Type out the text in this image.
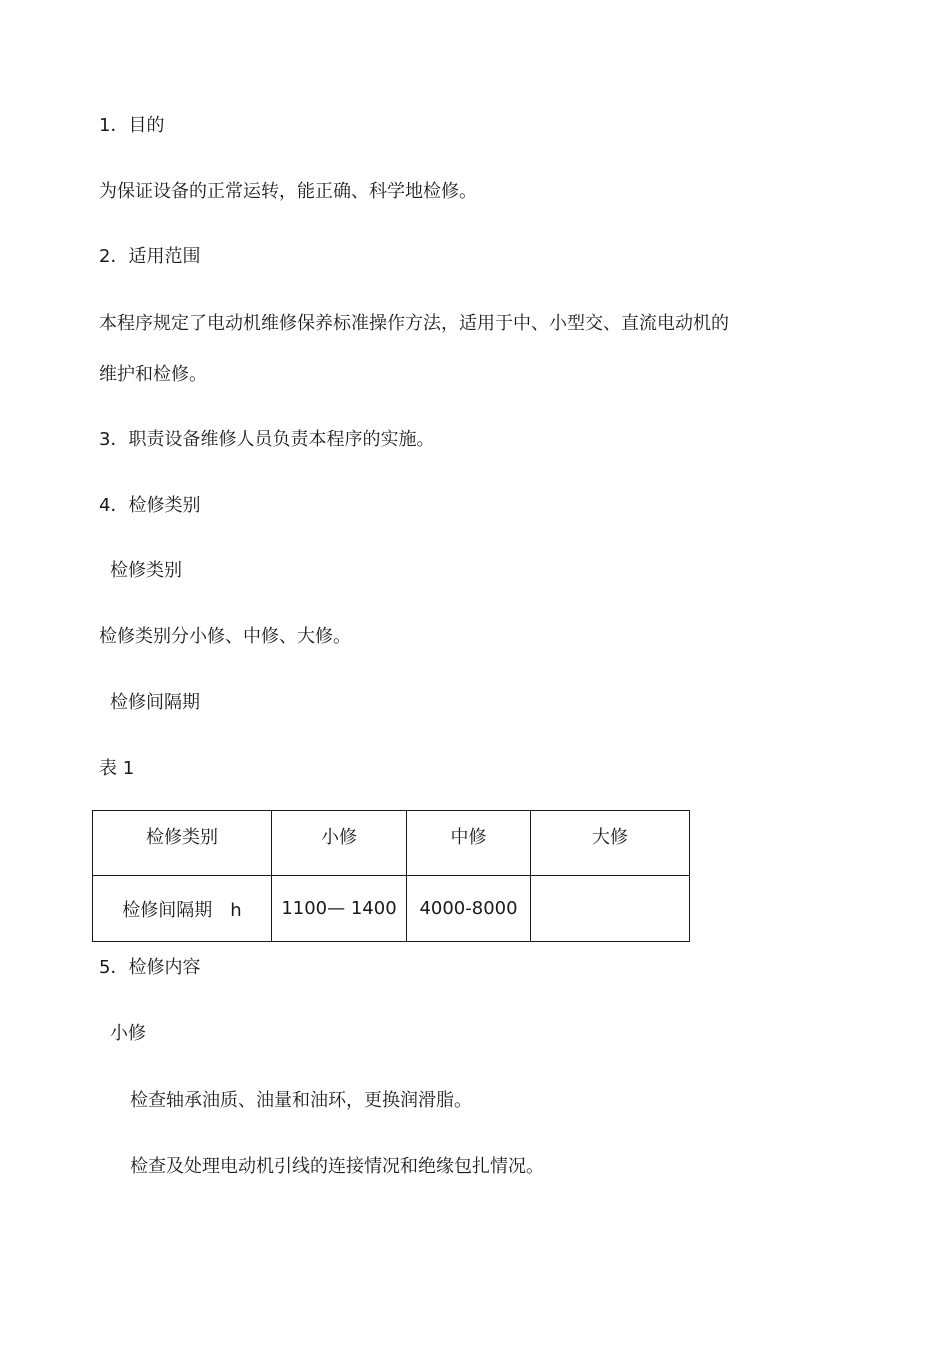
1．目的
为保证设备的正常运转，能正确、科学地检修。
2．适用范围
本程序规定了电动机维修保养标准操作方法，适用于中、小型交、直流电动机的
维护和检修。
3．职责设备维修人员负责本程序的实施。
4．检修类别
检修类别
检修类别分小修、中修、大修。
检修间隔期
表 1
检修类别	小修	中修	大修
检修间隔期 h	1100— 1400	4000-8000	
5．检修内容
小修
检查轴承油质、油量和油环，更换润滑脂。
检查及处理电动机引线的连接情况和绝缘包扎情况。
